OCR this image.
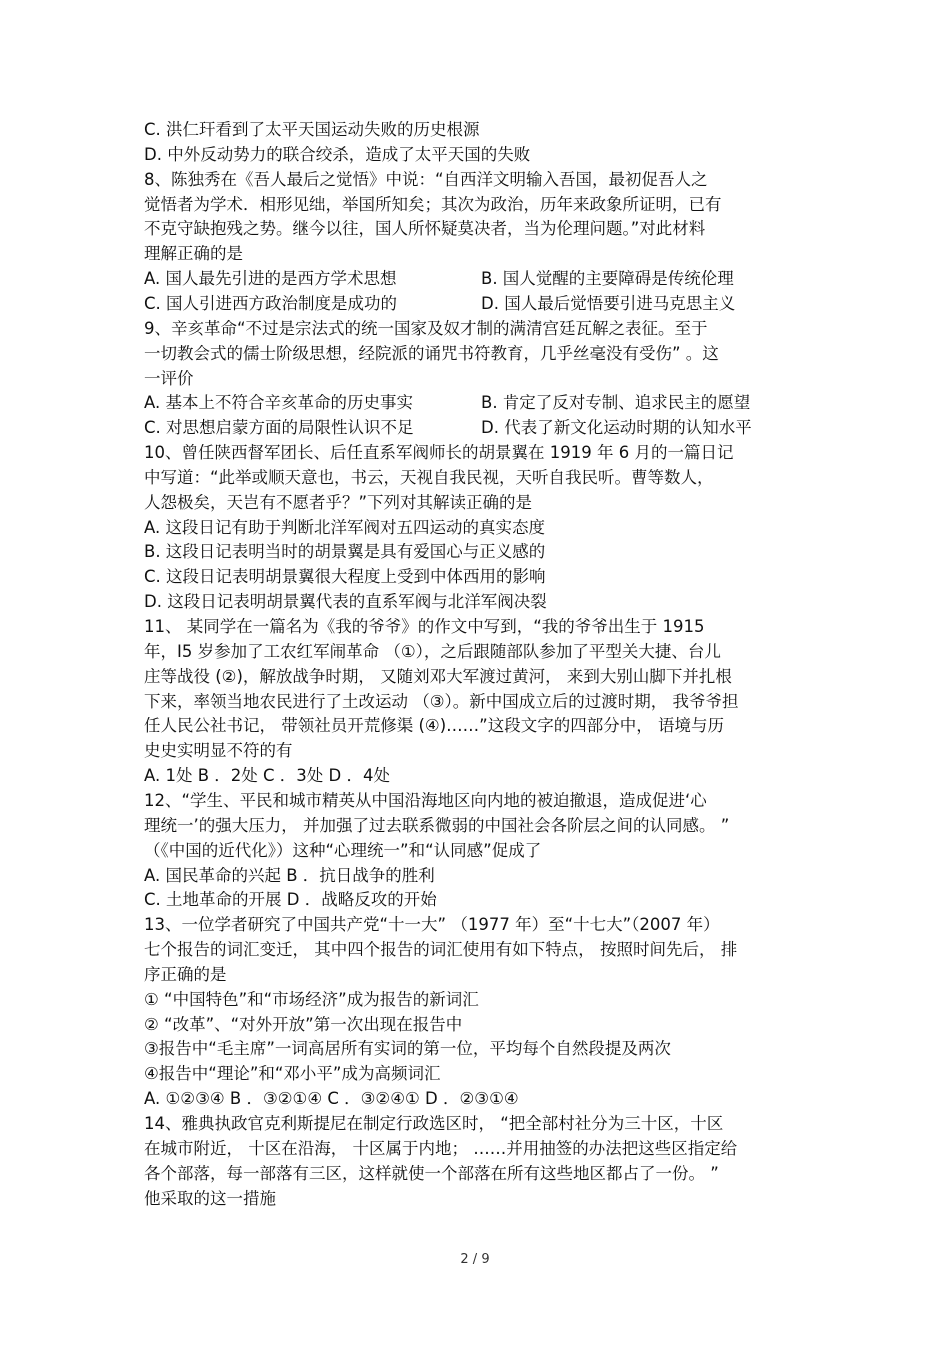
C. 洪仁玕看到了太平天国运动失败的历史根源
D. 中外反动势力的联合绞杀，造成了太平天国的失败
8、陈独秀在《吾人最后之觉悟》中说：“自西洋文明输入吾国，最初促吾人之
觉悟者为学术．相形见绌，举国所知矣；其次为政治，历年来政象所证明，已有
不克守缺抱残之势。继今以往，国人所怀疑莫决者，当为伦理问题。”对此材料
理解正确的是
A. 国人最先引进的是西方学术思想	B. 国人觉醒的主要障碍是传统伦理
C. 国人引进西方政治制度是成功的	D. 国人最后觉悟要引进马克思主义
9、辛亥革命“不过是宗法式的统一国家及奴才制的满清宫廷瓦解之表征。至于
一切教会式的儒士阶级思想，经院派的诵咒书符教育，几乎丝毫没有受伤” 。这
一评价
A. 基本上不符合辛亥革命的历史事实	B. 肯定了反对专制、追求民主的愿望
C. 对思想启蒙方面的局限性认识不足	D. 代表了新文化运动时期的认知水平
10、曾任陕西督军团长、后任直系军阀师长的胡景翼在 1919 年 6 月的一篇日记
中写道：“此举或顺天意也，书云，天视自我民视，天听自我民听。曹等数人，
人怨极矣，天岂有不愿者乎？”下列对其解读正确的是
A. 这段日记有助于判断北洋军阀对五四运动的真实态度
B. 这段日记表明当时的胡景翼是具有爱国心与正义感的
C. 这段日记表明胡景翼很大程度上受到中体西用的影响
D. 这段日记表明胡景翼代表的直系军阀与北洋军阀决裂
11、 某同学在一篇名为《我的爷爷》的作文中写到，“我的爷爷出生于 1915
年，I5 岁参加了工农红军闹革命 （①），之后跟随部队参加了平型关大捷、台儿
庄等战役 (②)，解放战争时期， 又随刘邓大军渡过黄河， 来到大别山脚下并扎根
下来，率领当地农民进行了土改运动 （③）。新中国成立后的过渡时期， 我爷爷担
任人民公社书记， 带领社员开荒修渠 (④)……”这段文字的四部分中， 语境与历
史史实明显不符的有
A. 1处 B ．2处 C ．3处 D ．4处
12、“学生、平民和城市精英从中国沿海地区向内地的被迫撤退，造成促进‘心
理统一’的强大压力， 并加强了过去联系微弱的中国社会各阶层之间的认同感。 ”
（《中国的近代化》）这种“心理统一”和“认同感”促成了
A. 国民革命的兴起 B ．抗日战争的胜利
C. 土地革命的开展 D ．战略反攻的开始
13、一位学者研究了中国共产党“十一大” （1977 年）至“十七大”（2007 年）
七个报告的词汇变迁， 其中四个报告的词汇使用有如下特点， 按照时间先后， 排
序正确的是
① “中国特色”和“市场经济”成为报告的新词汇
② “改革”、“对外开放”第一次出现在报告中
③报告中“毛主席”一词高居所有实词的第一位，平均每个自然段提及两次
④报告中“理论”和“邓小平”成为高频词汇
A. ①②③④ B ．③②①④ C ．③②④① D ．②③①④
14、雅典执政官克利斯提尼在制定行政选区时， “把全部村社分为三十区，十区
在城市附近， 十区在沿海， 十区属于内地； ……并用抽签的办法把这些区指定给
各个部落，每一部落有三区，这样就使一个部落在所有这些地区都占了一份。 ”
他采取的这一措施
2 / 9
